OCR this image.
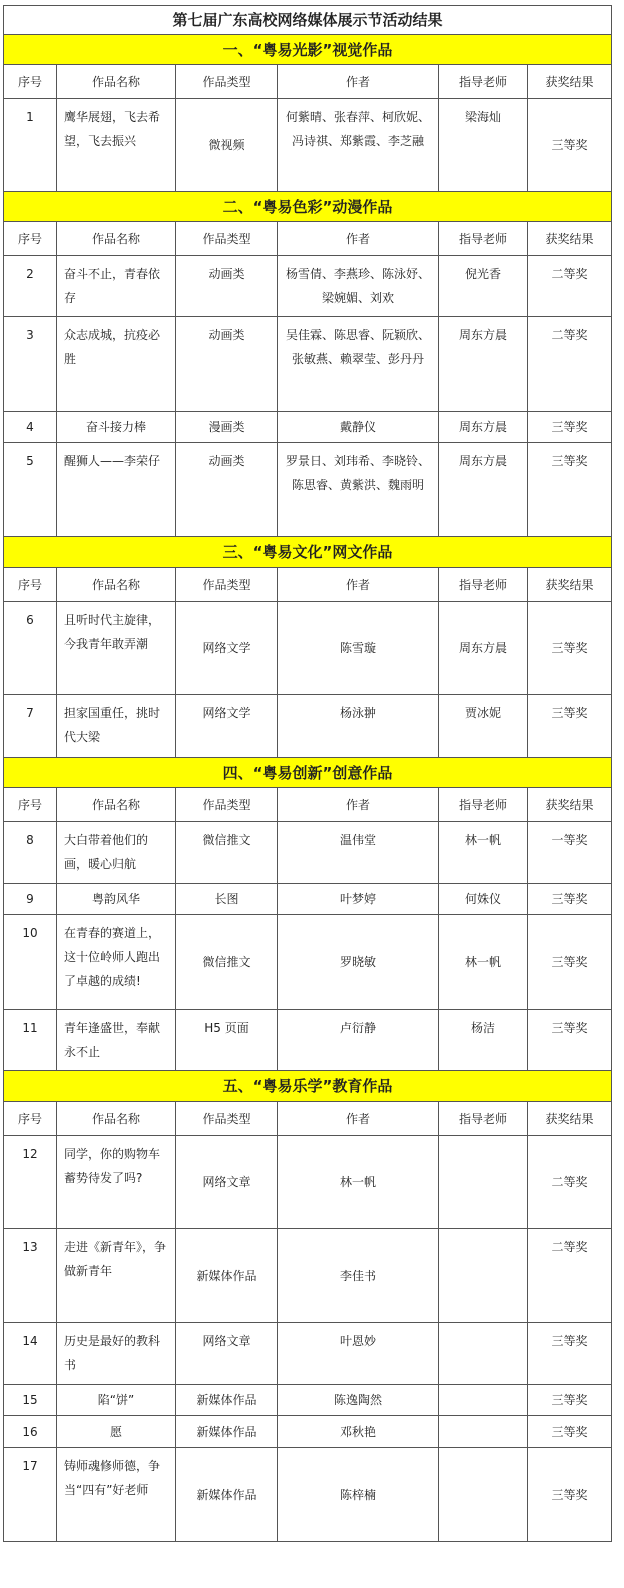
第七届广东高校网络媒体展示节活动结果					
一、“粤易光影”视觉作品					
序号	作品名称	作品类型	作者	指导老师	获奖结果
1	鹰华展翅，飞去希望，飞去振兴	微视频	何紫晴、张春萍、柯欣妮、冯诗祺、郑紫霞、李芝融	梁海灿	三等奖
二、“粤易色彩”动漫作品					
序号	作品名称	作品类型	作者	指导老师	获奖结果
2	奋斗不止，青春依存	动画类	杨雪倩、李燕珍、陈泳妤、梁婉媚、刘欢	倪光香	二等奖
3	众志成城，抗疫必胜	动画类	吴佳霖、陈思睿、阮颖欣、张敏燕、赖翠莹、彭丹丹	周东方晨	二等奖
4	奋斗接力棒	漫画类	戴静仪	周东方晨	三等奖
5	醒狮人——李荣仔	动画类	罗景日、刘玮希、李晓铃、陈思睿、黄紫洪、魏雨明	周东方晨	三等奖
三、“粤易文化”网文作品					
序号	作品名称	作品类型	作者	指导老师	获奖结果
6	且听时代主旋律，今我青年敢弄潮	网络文学	陈雪璇	周东方晨	三等奖
7	担家国重任，挑时代大梁	网络文学	杨泳翀	贾冰妮	三等奖
四、“粤易创新”创意作品					
序号	作品名称	作品类型	作者	指导老师	获奖结果
8	大白带着他们的画，暖心归航	微信推文	温伟堂	林一帆	一等奖
9	粤韵风华	长图	叶梦婷	何姝仪	三等奖
10	在青春的赛道上，这十位岭师人跑出了卓越的成绩!	微信推文	罗晓敏	林一帆	三等奖
11	青年逢盛世，奉献永不止	H5 页面	卢衍静	杨洁	三等奖
五、“粤易乐学”教育作品					
序号	作品名称	作品类型	作者	指导老师	获奖结果
12	同学，你的购物车蓄势待发了吗?	网络文章	林一帆		二等奖
13	走进《新青年》，争做新青年	新媒体作品	李佳书		二等奖
14	历史是最好的教科书	网络文章	叶恩妙		三等奖
15	陷“饼”	新媒体作品	陈逸陶然		三等奖
16	愿	新媒体作品	邓秋艳		三等奖
17	铸师魂修师德，争当“四有”好老师	新媒体作品	陈梓楠		三等奖
